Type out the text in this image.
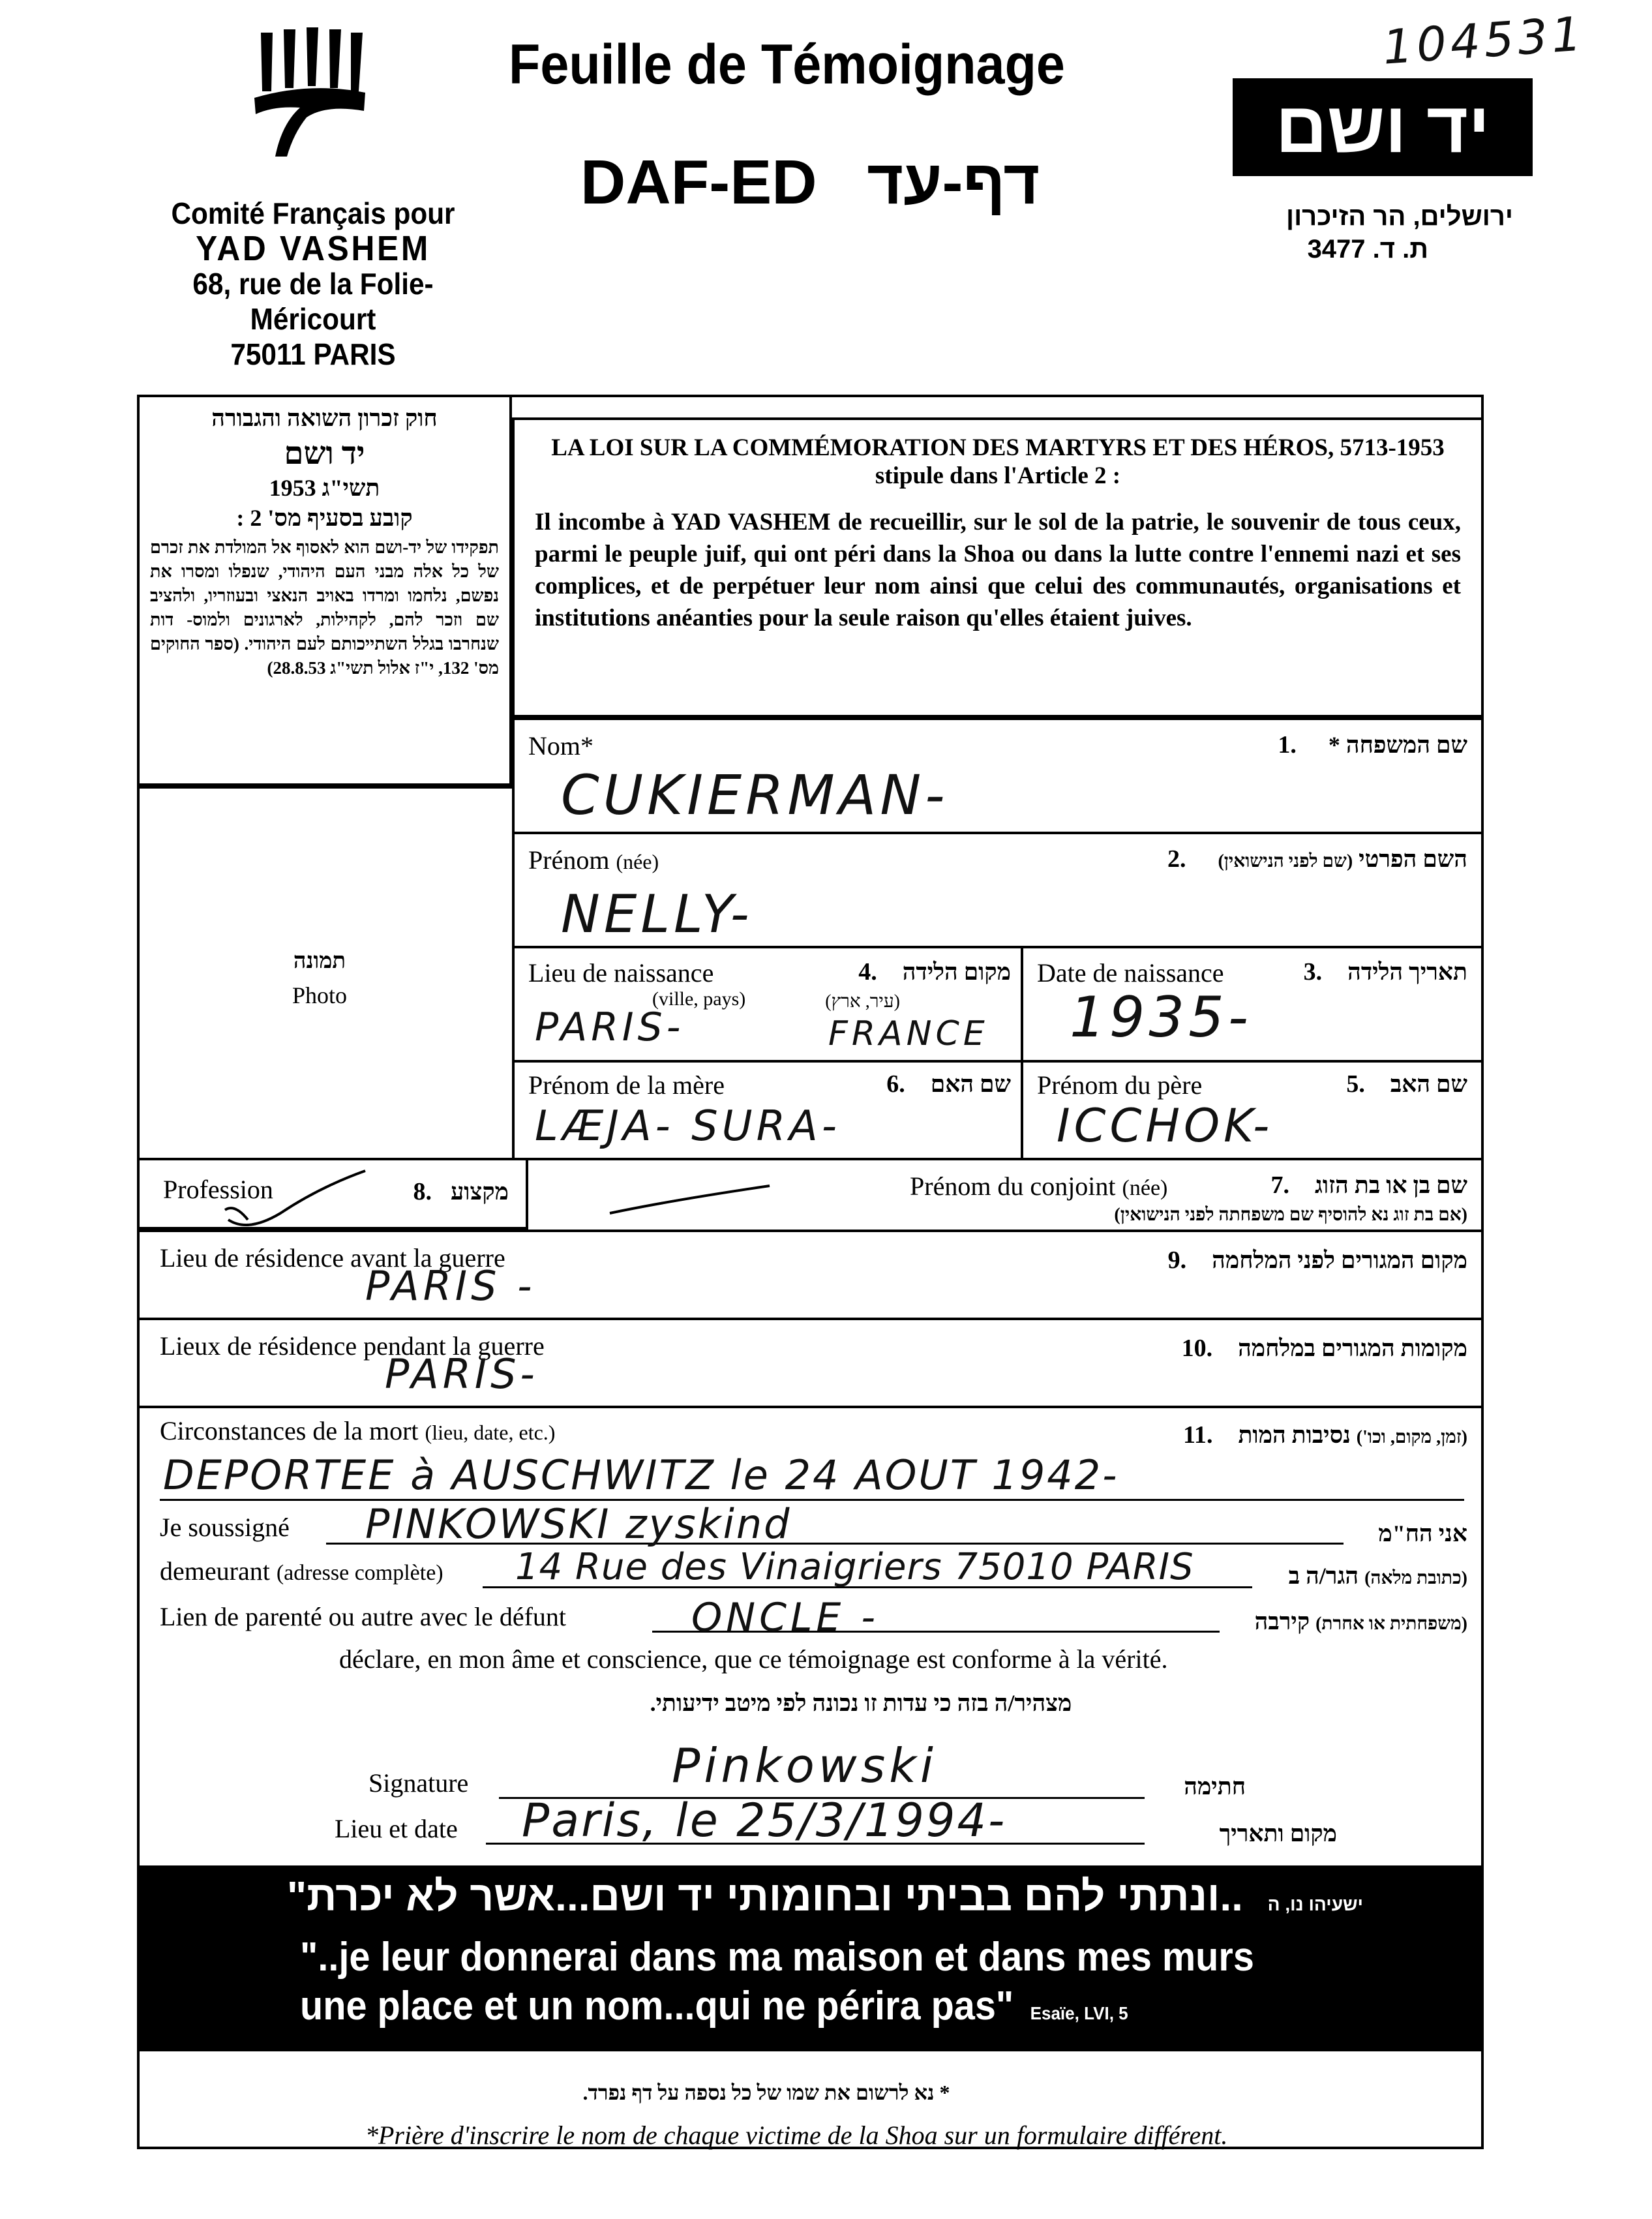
Comité Français pour
YAD VASHEM
68, rue de la Folie-Méricourt
75011 PARIS
Feuille de Témoignage
DAF-ED דף-עד
104531
יד ושם
ירושלים, הר הזיכרון
ת. ד. 3477
חוק זכרון השואה והגבורה
יד ושם
תשי"ג 1953
קובע בסעיף מס' 2 :
תפקידו של יד-ושם הוא לאסוף אל המולדת את זכרם של כל אלה מבני העם היהודי, שנפלו ומסרו את נפשם, נלחמו ומרדו באויב הנאצי ובעוזריו, ולהציב שם וזכר להם, לקהילות, לארגונים ולמוס- דות שנחרבו בגלל השתייכותם לעם היהודי. (ספר החוקים מס' 132, י"ז אלול תשי"ג 28.8.53)
LA LOI SUR LA COMMÉMORATION DES MARTYRS ET DES HÉROS, 5713-1953
stipule dans l'Article 2 :
Il incombe à YAD VASHEM de recueillir, sur le sol de la patrie, le souvenir de tous ceux, parmi le peuple juif, qui ont péri dans la Shoa ou dans la lutte contre l'ennemi nazi et ses complices, et de perpétuer leur nom ainsi que celui des communautés, organisations et institutions anéanties pour la seule raison qu'elles étaient juives.
תמונה
Photo
Nom*	שם המשפחה * .1
CUKIERMAN-
Prénom (née)	השם הפרטי (שם לפני הנישואין) .2
NELLY-
Lieu de naissance
(ville, pays)
מקום הלידה .4
(עיר, ארץ)
PARIS-	FRANCE
Date de naissance	תאריך הלידה .3
1935-
Prénom de la mère	שם האם .6
LÆJA- SURA-
Prénom du père	שם האב .5
ICCHOK-
Profession	מקצוע .8	Prénom du conjoint (née)	שם בן או בת הזוג .7
(אם בת זוג נא להוסיף שם משפחתה לפני הנישואין)
Lieu de résidence avant la guerre	מקום המגורים לפני המלחמה .9
PARIS -
Lieux de résidence pendant la guerre	מקומות המגורים במלחמה .10
PARIS-
Circonstances de la mort (lieu, date, etc.)	(זמן, מקום, וכו') נסיבות המות .11
DEPORTEE à AUSCHWITZ le 24 AOUT 1942-
Je soussigné PINKOWSKI zyskind	אני הח"מ
demeurant (adresse complète) 14 Rue des Vinaigriers 75010 PARIS	(כתובת מלאה) הגר/ה ב
Lien de parenté ou autre avec le défunt	ONCLE -	(משפחתית או אחרת) קירבה
déclare, en mon âme et conscience, que ce témoignage est conforme à la vérité.
מצהיר/ה בזה כי עדות זו נכונה לפי מיטב ידיעותי.
Signature	Pinkowski	חתימה
Lieu et date Paris, le 25/3/1994-	מקום ותאריך
ישעיהו נו, ה ..ונתתי להם בביתי ובחומותי יד ושם...אשר לא יכרת"
"..je leur donnerai dans ma maison et dans mes murs
une place et un nom...qui ne périra pas" Esaïe, LVI, 5
* נא לרשום את שמו של כל נספה על דף נפרד.
*Prière d'inscrire le nom de chaque victime de la Shoa sur un formulaire différent.
